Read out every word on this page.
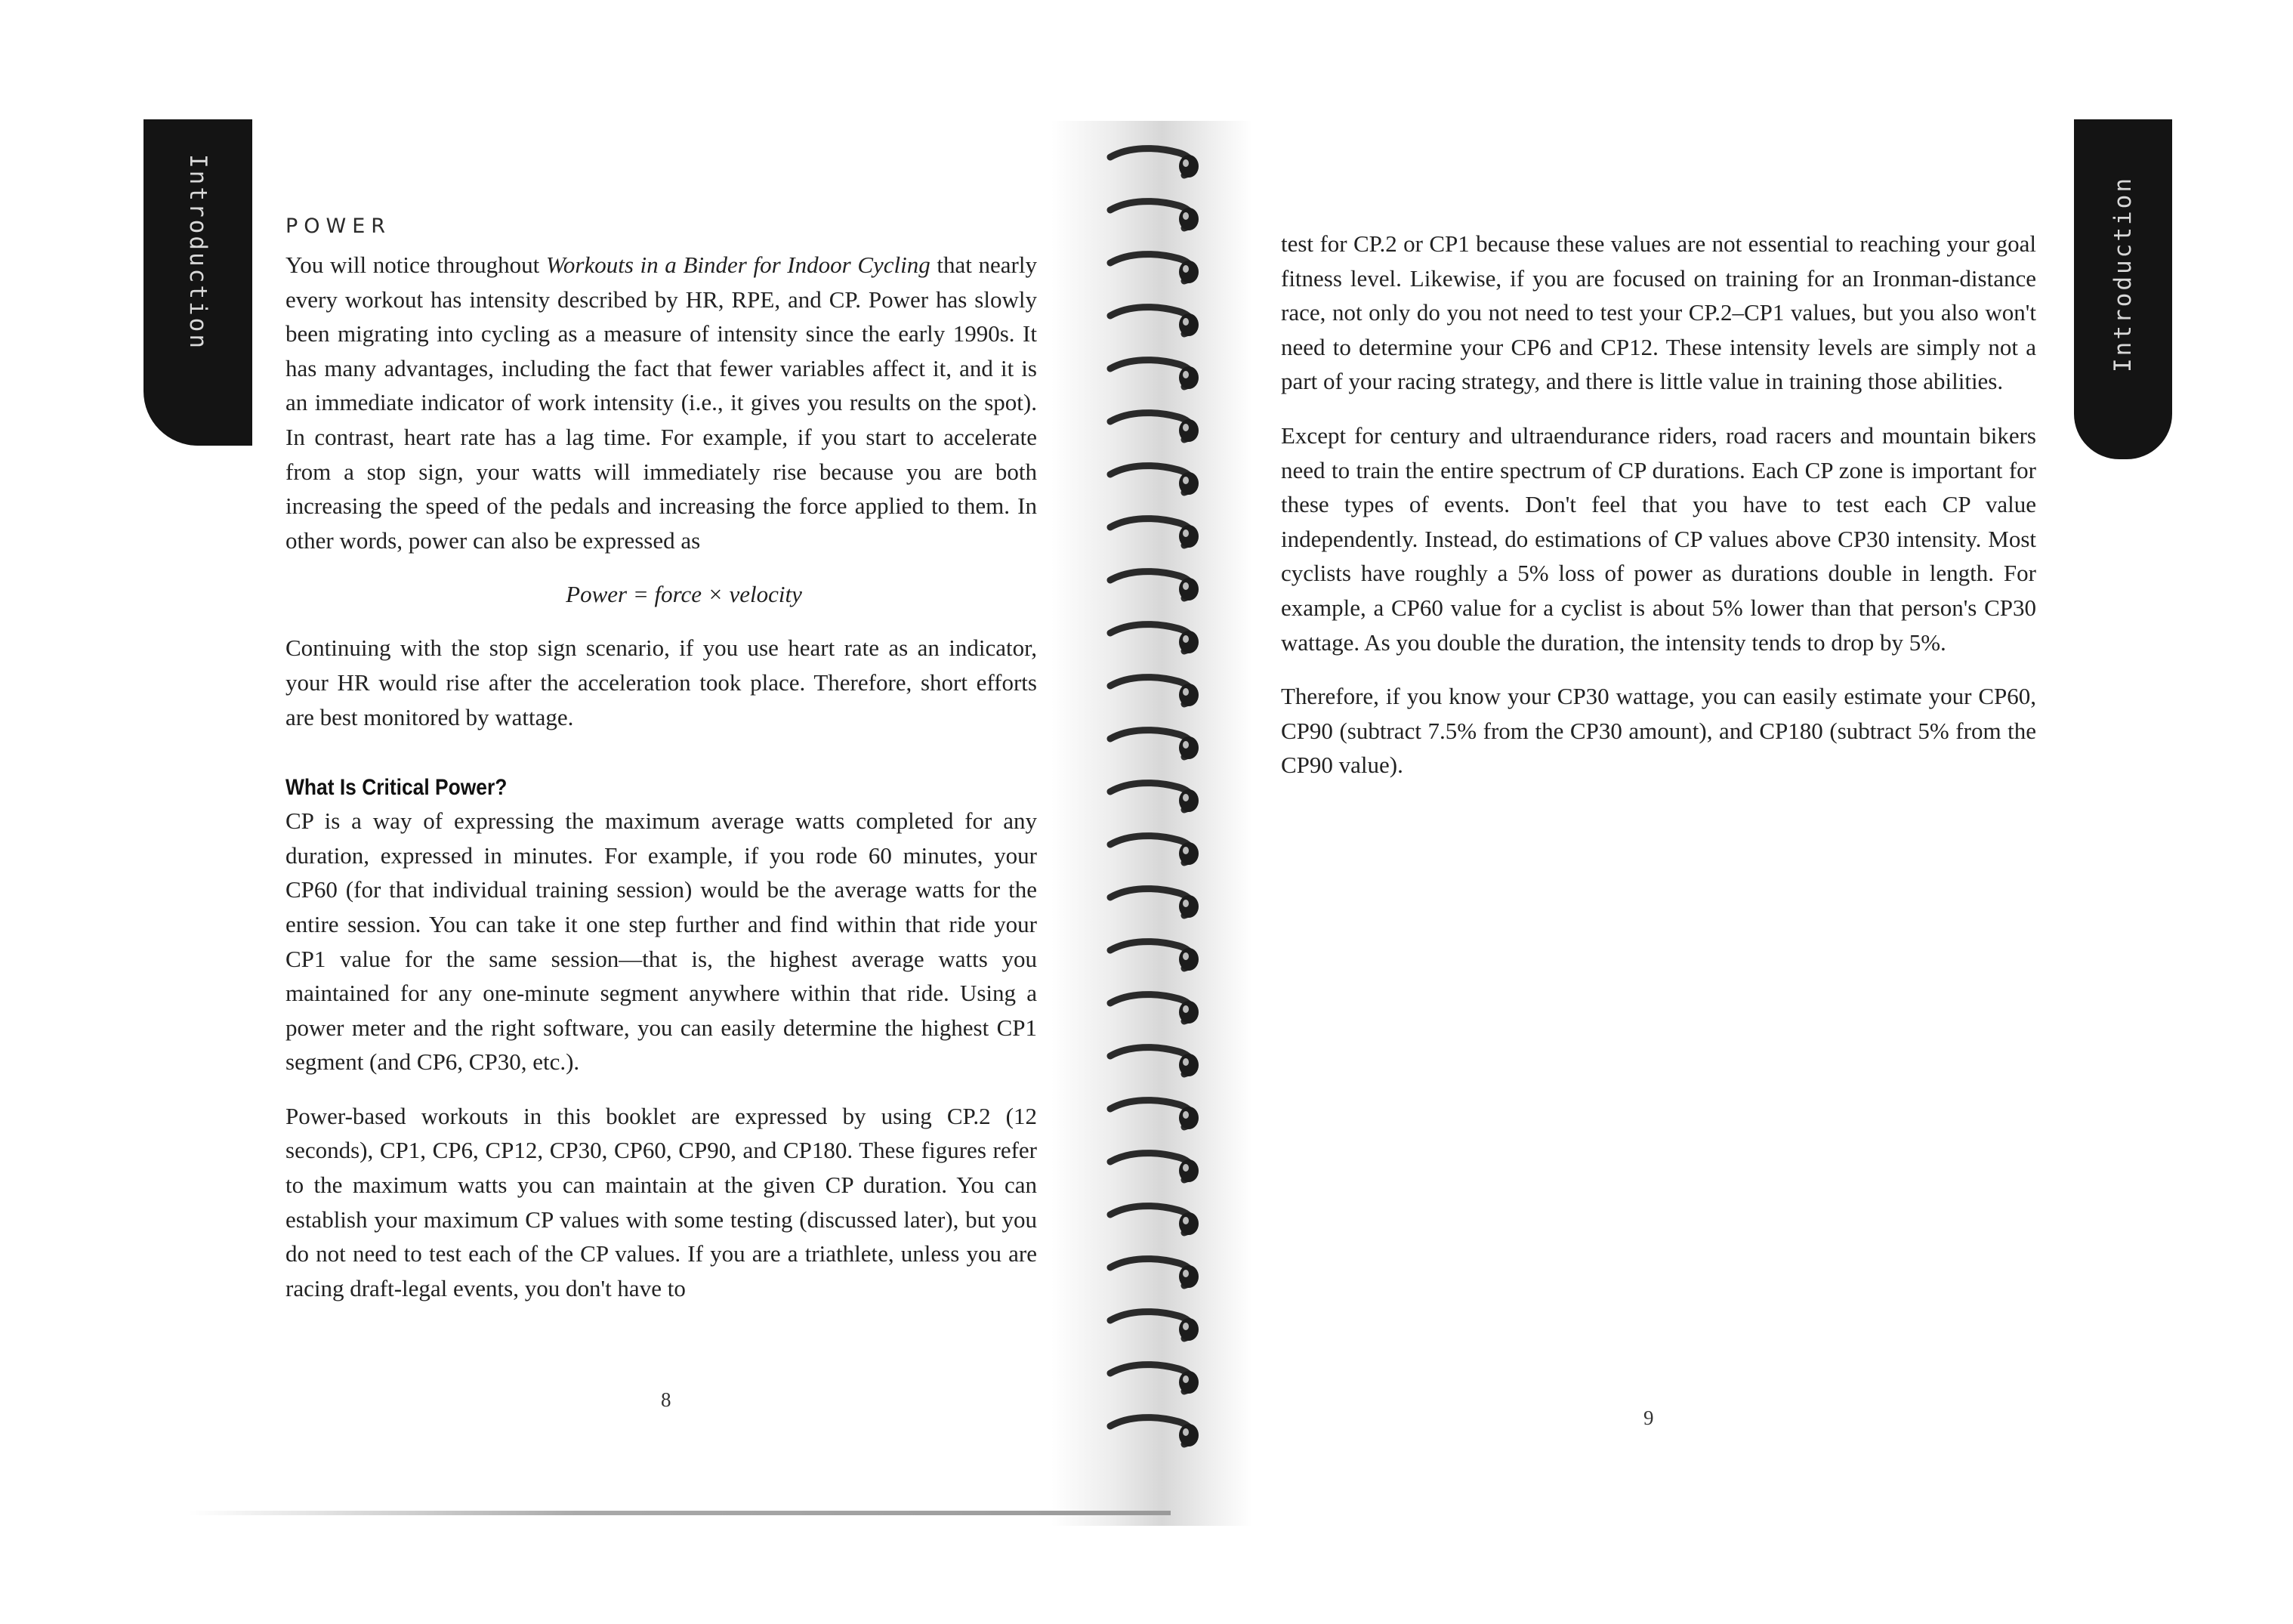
Introduction	POWER

You will notice throughout Workouts in a Binder for Indoor Cycling that nearly every workout has intensity described by HR, RPE, and CP. Power has slowly been migrating into cycling as a measure of intensity since the early 1990s. It has many advantages, including the fact that fewer variables affect it, and it is an immediate indicator of work intensity (i.e., it gives you results on the spot). In contrast, heart rate has a lag time. For example, if you start to accelerate from a stop sign, your watts will immediately rise because you are both increasing the speed of the pedals and increasing the force applied to them. In other words, power can also be expressed as

Power = force × velocity

Continuing with the stop sign scenario, if you use heart rate as an indicator, your HR would rise after the acceleration took place. Therefore, short efforts are best monitored by wattage.

What Is Critical Power?

CP is a way of expressing the maximum average watts completed for any duration, expressed in minutes. For example, if you rode 60 minutes, your CP60 (for that individual training session) would be the average watts for the entire session. You can take it one step further and find within that ride your CP1 value for the same session—that is, the highest average watts you maintained for any one-minute segment anywhere within that ride. Using a power meter and the right software, you can easily determine the highest CP1 segment (and CP6, CP30, etc.).

Power-based workouts in this booklet are expressed by using CP.2 (12 seconds), CP1, CP6, CP12, CP30, CP60, CP90, and CP180. These figures refer to the maximum watts you can maintain at the given CP duration. You can establish your maximum CP values with some testing (discussed later), but you do not need to test each of the CP values. If you are a triathlete, unless you are racing draft-legal events, you don't have to

8

test for CP.2 or CP1 because these values are not essential to reaching your goal fitness level. Likewise, if you are focused on training for an Ironman-distance race, not only do you not need to test your CP.2–CP1 values, but you also won't need to determine your CP6 and CP12. These intensity levels are simply not a part of your racing strategy, and there is little value in training those abilities.

Except for century and ultraendurance riders, road racers and mountain bikers need to train the entire spectrum of CP durations. Each CP zone is important for these types of events. Don't feel that you have to test each CP value independently. Instead, do estimations of CP values above CP30 intensity. Most cyclists have roughly a 5% loss of power as durations double in length. For example, a CP60 value for a cyclist is about 5% lower than that person's CP30 wattage. As you double the duration, the intensity tends to drop by 5%.

Therefore, if you know your CP30 wattage, you can easily estimate your CP60, CP90 (subtract 7.5% from the CP30 amount), and CP180 (subtract 5% from the CP90 value).

9
Introduction
